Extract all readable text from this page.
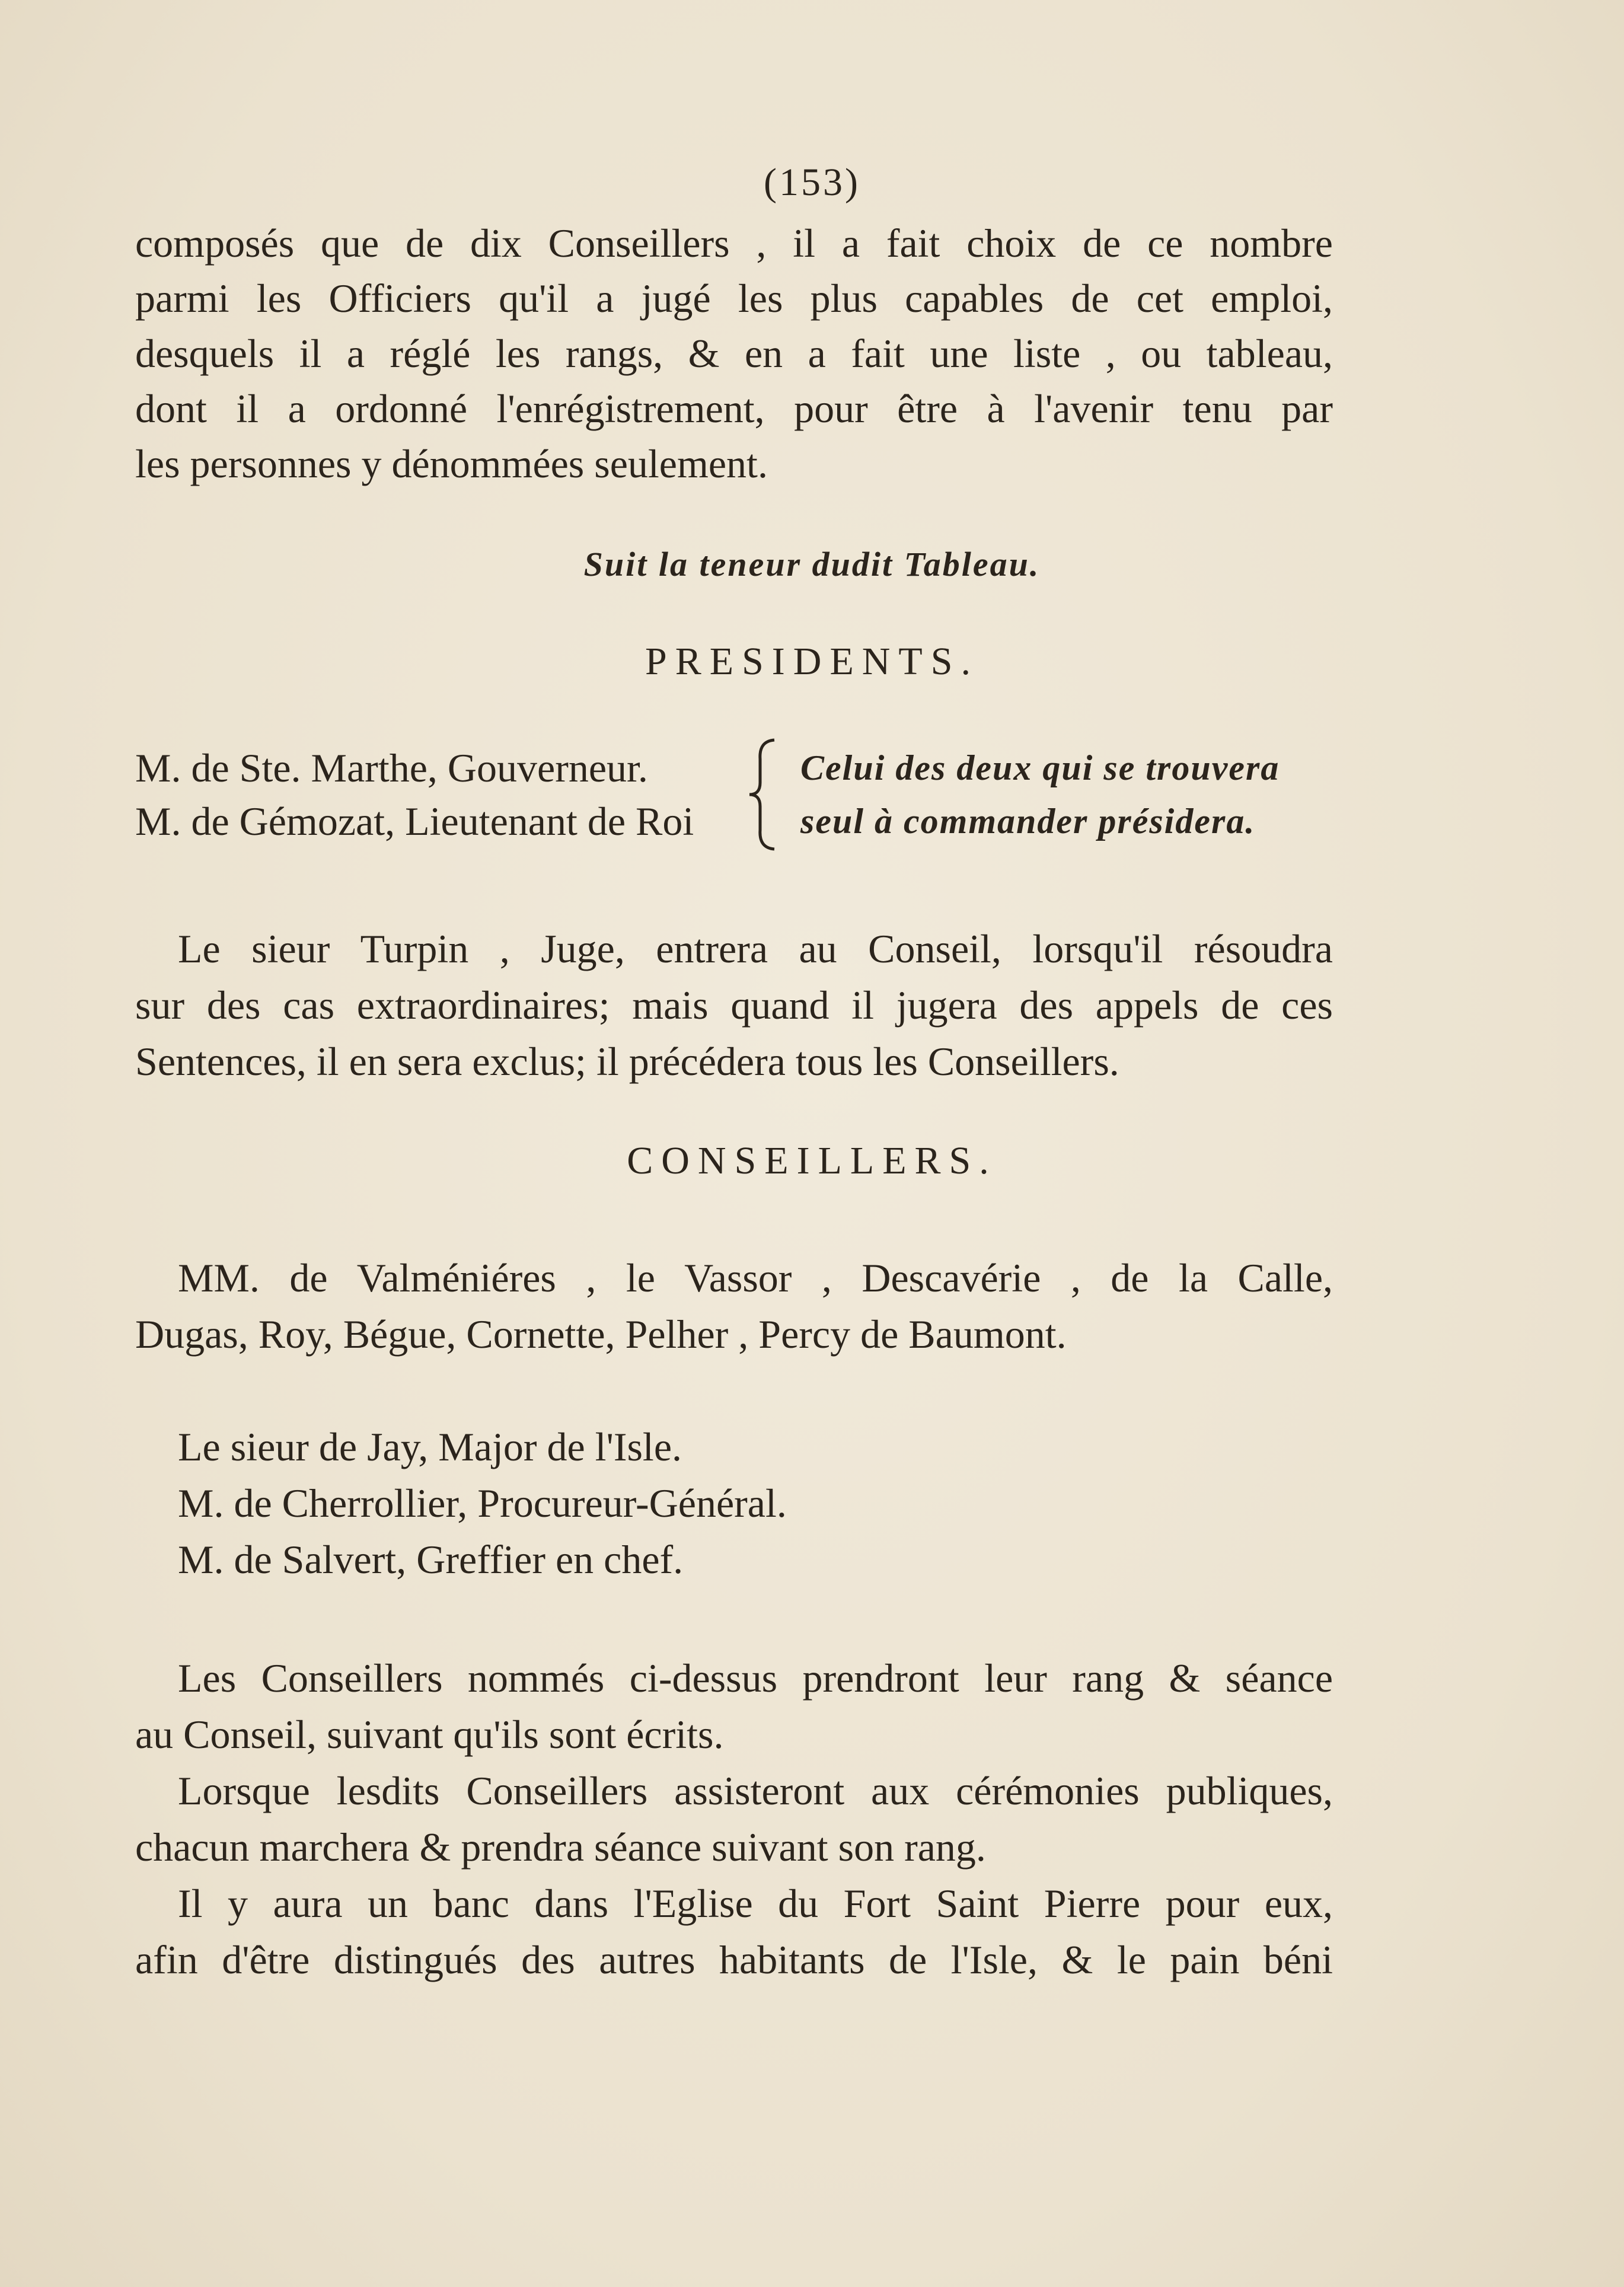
(153)
composés que de dix Conseillers , il a fait choix de ce nombre
parmi les Officiers qu'il a jugé les plus capables de cet emploi,
desquels il a réglé les rangs, & en a fait une liste , ou tableau,
dont il a ordonné l'enrégistrement, pour être à l'avenir tenu par
les personnes y dénommées seulement.
Suit la teneur dudit Tableau.
PRESIDENTS.
M. de Ste. Marthe, Gouverneur.
M. de Gémozat, Lieutenant de Roi
Celui des deux qui se trouvera
seul à commander présidera.
Le sieur Turpin , Juge, entrera au Conseil, lorsqu'il résoudra
sur des cas extraordinaires; mais quand il jugera des appels de ces
Sentences, il en sera exclus; il précédera tous les Conseillers.
CONSEILLERS.
MM. de Valméniéres , le Vassor , Descavérie , de la Calle,
Dugas, Roy, Bégue, Cornette, Pelher , Percy de Baumont.
Le sieur de Jay, Major de l'Isle.
M. de Cherrollier, Procureur-Général.
M. de Salvert, Greffier en chef.
Les Conseillers nommés ci-dessus prendront leur rang & séance
au Conseil, suivant qu'ils sont écrits.
Lorsque lesdits Conseillers assisteront aux cérémonies publiques,
chacun marchera & prendra séance suivant son rang.
Il y aura un banc dans l'Eglise du Fort Saint Pierre pour eux,
afin d'être distingués des autres habitants de l'Isle, & le pain béni
